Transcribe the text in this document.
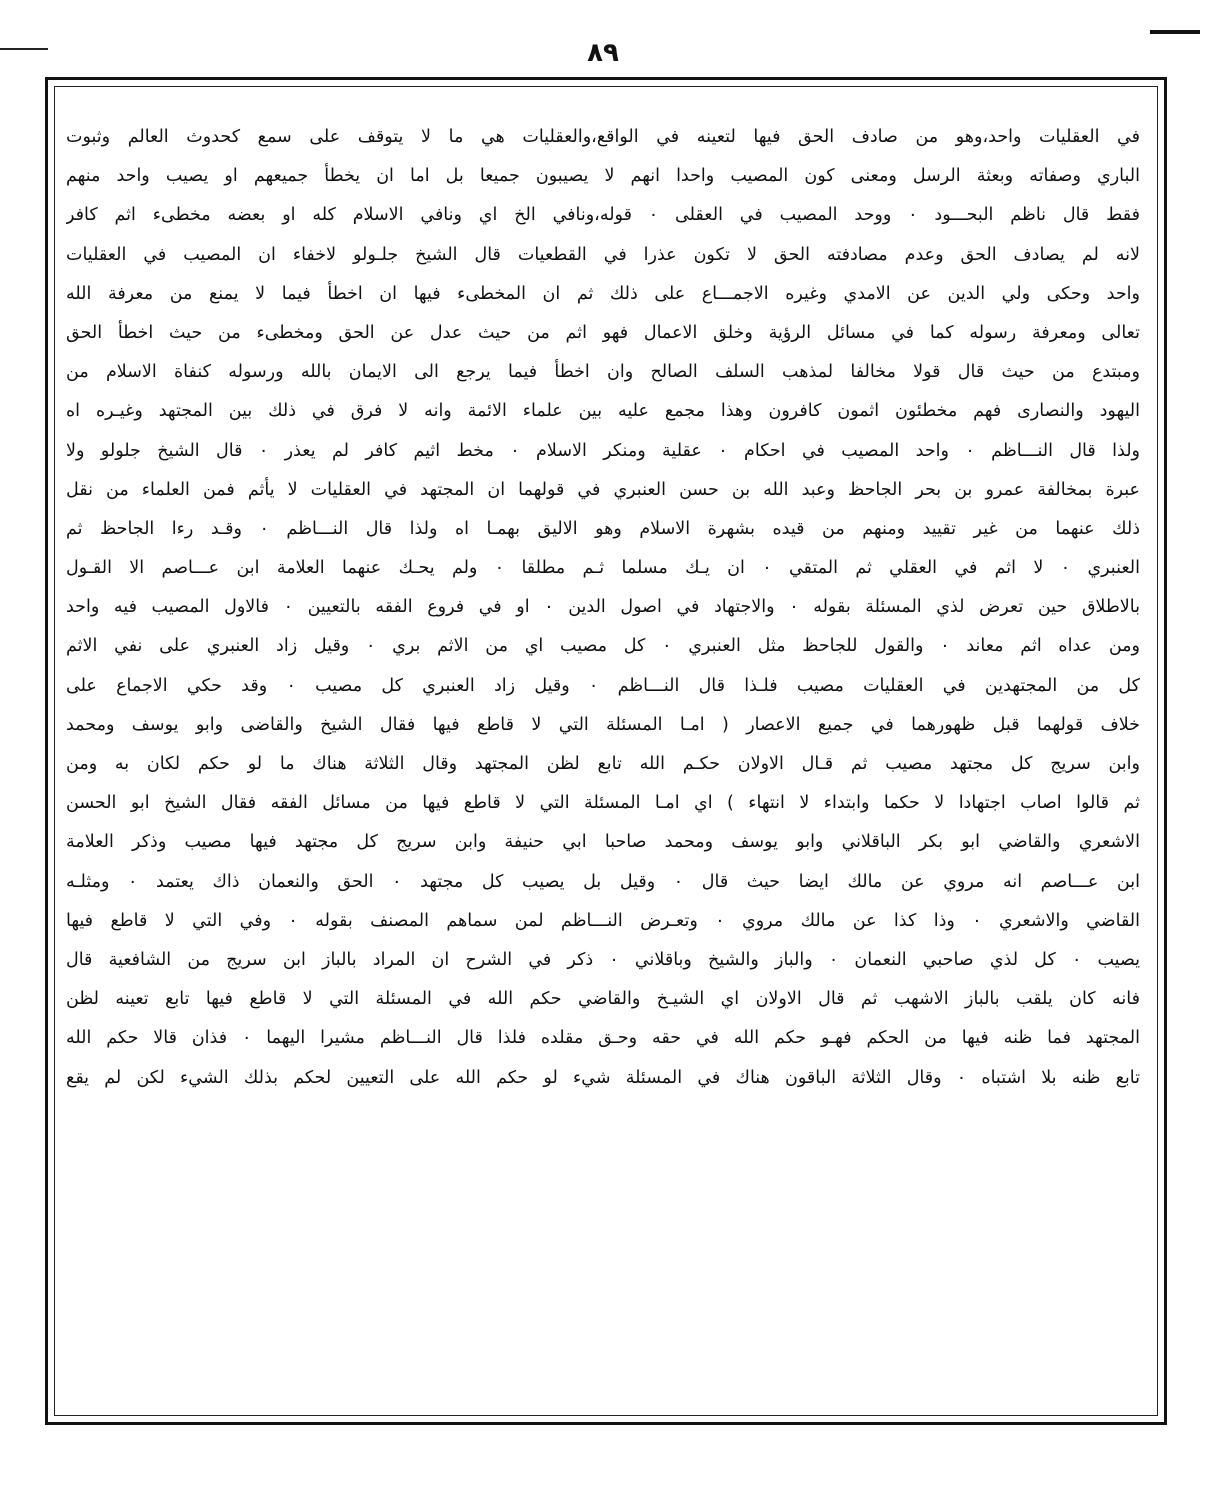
٨٩
في العقليات واحد،وهو من صادف الحق فيها لتعينه في الواقع،والعقليات هي ما لا يتوقف على سمع كحدوث العالم وثبوت
الباري وصفاته وبعثة الرسل ومعنى كون المصيب واحدا انهم لا يصيبون جميعا بل اما ان يخطأ جميعهم او يصيب واحد منهم
فقط قال ناظم البحـــود ٠ ووحد المصيب في العقلى ٠ قوله،ونافي الخ اي ونافي الاسلام كله او بعضه مخطىء اثم كافر
لانه لم يصادف الحق وعدم مصادفته الحق لا تكون عذرا في القطعيات قال الشيخ جلـولو لاخفاء ان المصيب في العقليات
واحد وحكى ولي الدين عن الامدي وغيره الاجمـــاع على ذلك ثم ان المخطىء فيها ان اخطأ فيما لا يمنع من معرفة الله
تعالى ومعرفة رسوله كما في مسائل الرؤية وخلق الاعمال فهو اثم من حيث عدل عن الحق ومخطىء من حيث اخطأ الحق
ومبتدع من حيث قال قولا مخالفا لمذهب السلف الصالح وان اخطأ فيما يرجع الى الايمان بالله ورسوله كنفاة الاسلام من
اليهود والنصارى فهم مخطئون اثمون كافرون وهذا مجمع عليه بين علماء الائمة وانه لا فرق في ذلك بين المجتهد وغيـره اه
ولذا قال النـــاظم ٠ واحد المصيب في احكام ٠ عقلية ومنكر الاسلام ٠ مخط اثيم كافر لم يعذر ٠ قال الشيخ جلولو ولا
عبرة بمخالفة عمرو بن بحر الجاحظ وعبد الله بن حسن العنبري في قولهما ان المجتهد في العقليات لا يأثم فمن العلماء من نقل
ذلك عنهما من غير تقييد ومنهم من قيده بشهرة الاسلام وهو الاليق بهمـا اه ولذا قال النـــاظم ٠ وقـد رءا الجاحظ ثم
العنبري ٠ لا اثم في العقلي ثم المتقي ٠ ان يـك مسلما ثـم مطلقا ٠ ولم يحـك عنهما العلامة ابن عـــاصم الا القـول
بالاطلاق حين تعرض لذي المسئلة بقوله ٠ والاجتهاد في اصول الدين ٠ او في فروع الفقه بالتعيين ٠ فالاول المصيب فيه واحد
ومن عداه اثم معاند ٠ والقول للجاحظ مثل العنبري ٠ كل مصيب اي من الاثم بري ٠ وقيل زاد العنبري على نفي الاثم
كل من المجتهدين في العقليات مصيب فلـذا قال النـــاظم ٠ وقيل زاد العنبري كل مصيب ٠ وقد حكي الاجماع على
خلاف قولهما قبل ظهورهما في جميع الاعصار ( امـا المسئلة التي لا قاطع فيها فقال الشيخ والقاضى وابو يوسف ومحمد
وابن سريج كل مجتهد مصيب ثم قـال الاولان حكـم الله تابع لظن المجتهد وقال الثلاثة هناك ما لو حكم لكان به ومن
ثم قالوا اصاب اجتهادا لا حكما وابتداء لا انتهاء ) اي امـا المسئلة التي لا قاطع فيها من مسائل الفقه فقال الشيخ ابو الحسن
الاشعري والقاضي ابو بكر الباقلاني وابو يوسف ومحمد صاحبا ابي حنيفة وابن سريج كل مجتهد فيها مصيب وذكر العلامة
ابن عـــاصم انه مروي عن مالك ايضا حيث قال ٠ وقيل بل يصيب كل مجتهد ٠ الحق والنعمان ذاك يعتمد ٠ ومثلـه
القاضي والاشعري ٠ وذا كذا عن مالك مروي ٠ وتعـرض النـــاظم لمن سماهم المصنف بقوله ٠ وفي التي لا قاطع فيها
يصيب ٠ كل لذي صاحبي النعمان ٠ والباز والشيخ وباقلاني ٠ ذكر في الشرح ان المراد بالباز ابن سريج من الشافعية قال
فانه كان يلقب بالباز الاشهب ثم قال الاولان اي الشيـخ والقاضي حكم الله في المسئلة التي لا قاطع فيها تابع تعينه لظن
المجتهد فما ظنه فيها من الحكم فهـو حكم الله في حقه وحـق مقلده فلذا قال النـــاظم مشيرا اليهما ٠ فذان قالا حكم الله
تابع ظنه بلا اشتباه ٠ وقال الثلاثة الباقون هناك في المسئلة شيء لو حكم الله على التعيين لحكم بذلك الشيء لكن لم يقع
